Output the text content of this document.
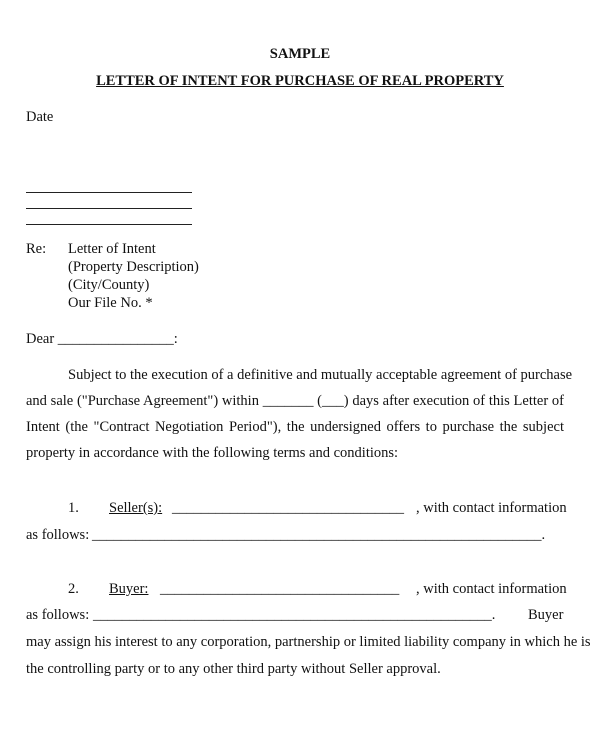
SAMPLE
LETTER OF INTENT FOR PURCHASE OF REAL PROPERTY
Date
Re: Letter of Intent
(Property Description)
(City/County)
Our File No. *
Dear ________________:
Subject to the execution of a definitive and mutually acceptable agreement of purchase
and sale ("Purchase Agreement") within _______ (___) days after execution of this Letter of
Intent (the "Contract Negotiation Period"), the undersigned offers to purchase the subject
property in accordance with the following terms and conditions:
1. Seller(s): ________________________________ , with contact information
as follows: ______________________________________________________________.
2. Buyer: _________________________________ , with contact information
as follows: _______________________________________________________. Buyer
may assign his interest to any corporation, partnership or limited liability company in which he is
the controlling party or to any other third party without Seller approval.
